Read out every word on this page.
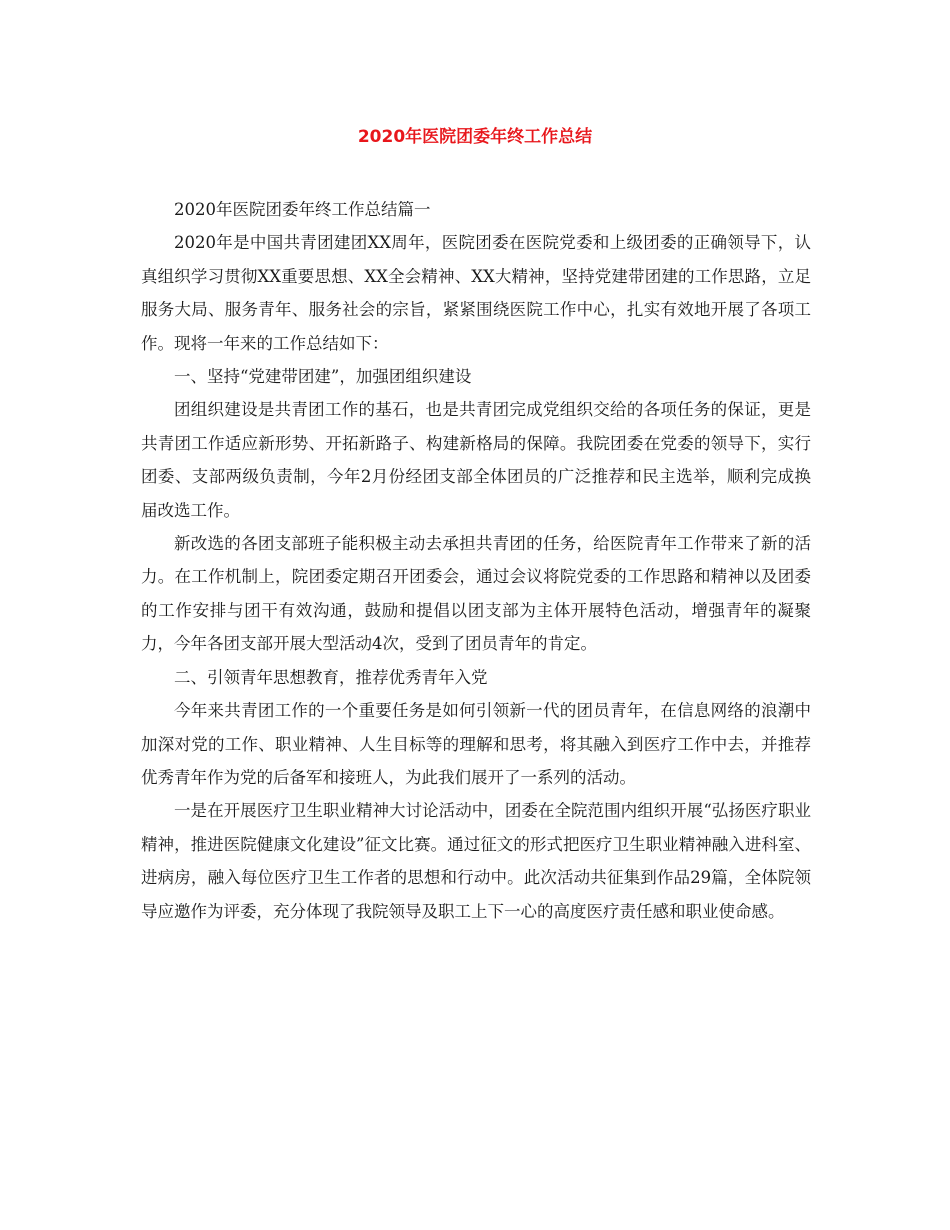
2020年医院团委年终工作总结

2020年医院团委年终工作总结篇一

2020年是中国共青团建团XX周年，医院团委在医院党委和上级团委的正确领导下，认真组织学习贯彻XX重要思想、XX全会精神、XX大精神，坚持党建带团建的工作思路，立足服务大局、服务青年、服务社会的宗旨，紧紧围绕医院工作中心，扎实有效地开展了各项工作。现将一年来的工作总结如下：

一、坚持“党建带团建”，加强团组织建设

团组织建设是共青团工作的基石，也是共青团完成党组织交给的各项任务的保证，更是共青团工作适应新形势、开拓新路子、构建新格局的保障。我院团委在党委的领导下，实行团委、支部两级负责制，今年2月份经团支部全体团员的广泛推荐和民主选举，顺利完成换届改选工作。

新改选的各团支部班子能积极主动去承担共青团的任务，给医院青年工作带来了新的活力。在工作机制上，院团委定期召开团委会，通过会议将院党委的工作思路和精神以及团委的工作安排与团干有效沟通，鼓励和提倡以团支部为主体开展特色活动，增强青年的凝聚力，今年各团支部开展大型活动4次，受到了团员青年的肯定。

二、引领青年思想教育，推荐优秀青年入党

今年来共青团工作的一个重要任务是如何引领新一代的团员青年，在信息网络的浪潮中加深对党的工作、职业精神、人生目标等的理解和思考，将其融入到医疗工作中去，并推荐优秀青年作为党的后备军和接班人，为此我们展开了一系列的活动。

一是在开展医疗卫生职业精神大讨论活动中，团委在全院范围内组织开展“弘扬医疗职业精神，推进医院健康文化建设”征文比赛。通过征文的形式把医疗卫生职业精神融入进科室、进病房，融入每位医疗卫生工作者的思想和行动中。此次活动共征集到作品29篇，全体院领导应邀作为评委，充分体现了我院领导及职工上下一心的高度医疗责任感和职业使命感。
